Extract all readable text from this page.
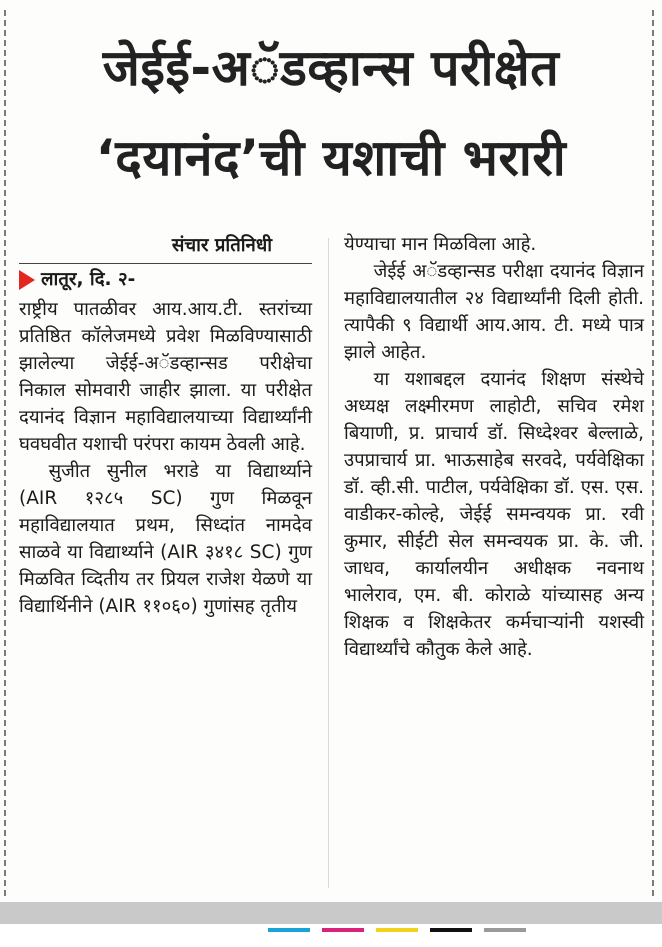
जेईई-अॅडव्हान्स परीक्षेत
‘दयानंद’ची यशाची भरारी
संचार प्रतिनिधी
लातूर, दि. २-

राष्ट्रीय पातळीवर आय.आय.टी. स्तरांच्या प्रतिष्ठित कॉलेजमध्ये प्रवेश मिळविण्यासाठी झालेल्या जेईई-अॅडव्हान्सड परीक्षेचा निकाल सोमवारी जाहीर झाला. या परीक्षेत दयानंद विज्ञान महाविद्यालयाच्या विद्यार्थ्यांनी घवघवीत यशाची परंपरा कायम ठेवली आहे.

सुजीत सुनील भराडे या विद्यार्थ्याने (AIR १२८५ SC) गुण मिळवून महाविद्यालयात प्रथम, सिध्दांत नामदेव साळवे या विद्यार्थ्याने (AIR ३४१८ SC) गुण मिळवित व्दितीय तर प्रियल राजेश येळणे या विद्यार्थिनीने (AIR ११०६०) गुणांसह तृतीय

येण्याचा मान मिळविला आहे.

जेईई अॅडव्हान्सड परीक्षा दयानंद विज्ञान महाविद्यालयातील २४ विद्यार्थ्यांनी दिली होती. त्यापैकी ९ विद्यार्थी आय.आय. टी. मध्ये पात्र झाले आहेत.

या यशाबद्दल दयानंद शिक्षण संस्थेचे अध्यक्ष लक्ष्मीरमण लाहोटी, सचिव रमेश बियाणी, प्र. प्राचार्य डॉ. सिध्देश्वर बेल्लाळे, उपप्राचार्य प्रा. भाऊसाहेब सरवदे, पर्यवेक्षिका डॉ. व्ही.सी. पाटील, पर्यवेक्षिका डॉ. एस. एस. वाडीकर-कोल्हे, जेईई समन्वयक प्रा. रवी कुमार, सीईटी सेल समन्वयक प्रा. के. जी. जाधव, कार्यालयीन अधीक्षक नवनाथ भालेराव, एम. बी. कोराळे यांच्यासह अन्य शिक्षक व शिक्षकेतर कर्मचाऱ्यांनी यशस्वी विद्यार्थ्यांचे कौतुक केले आहे.
